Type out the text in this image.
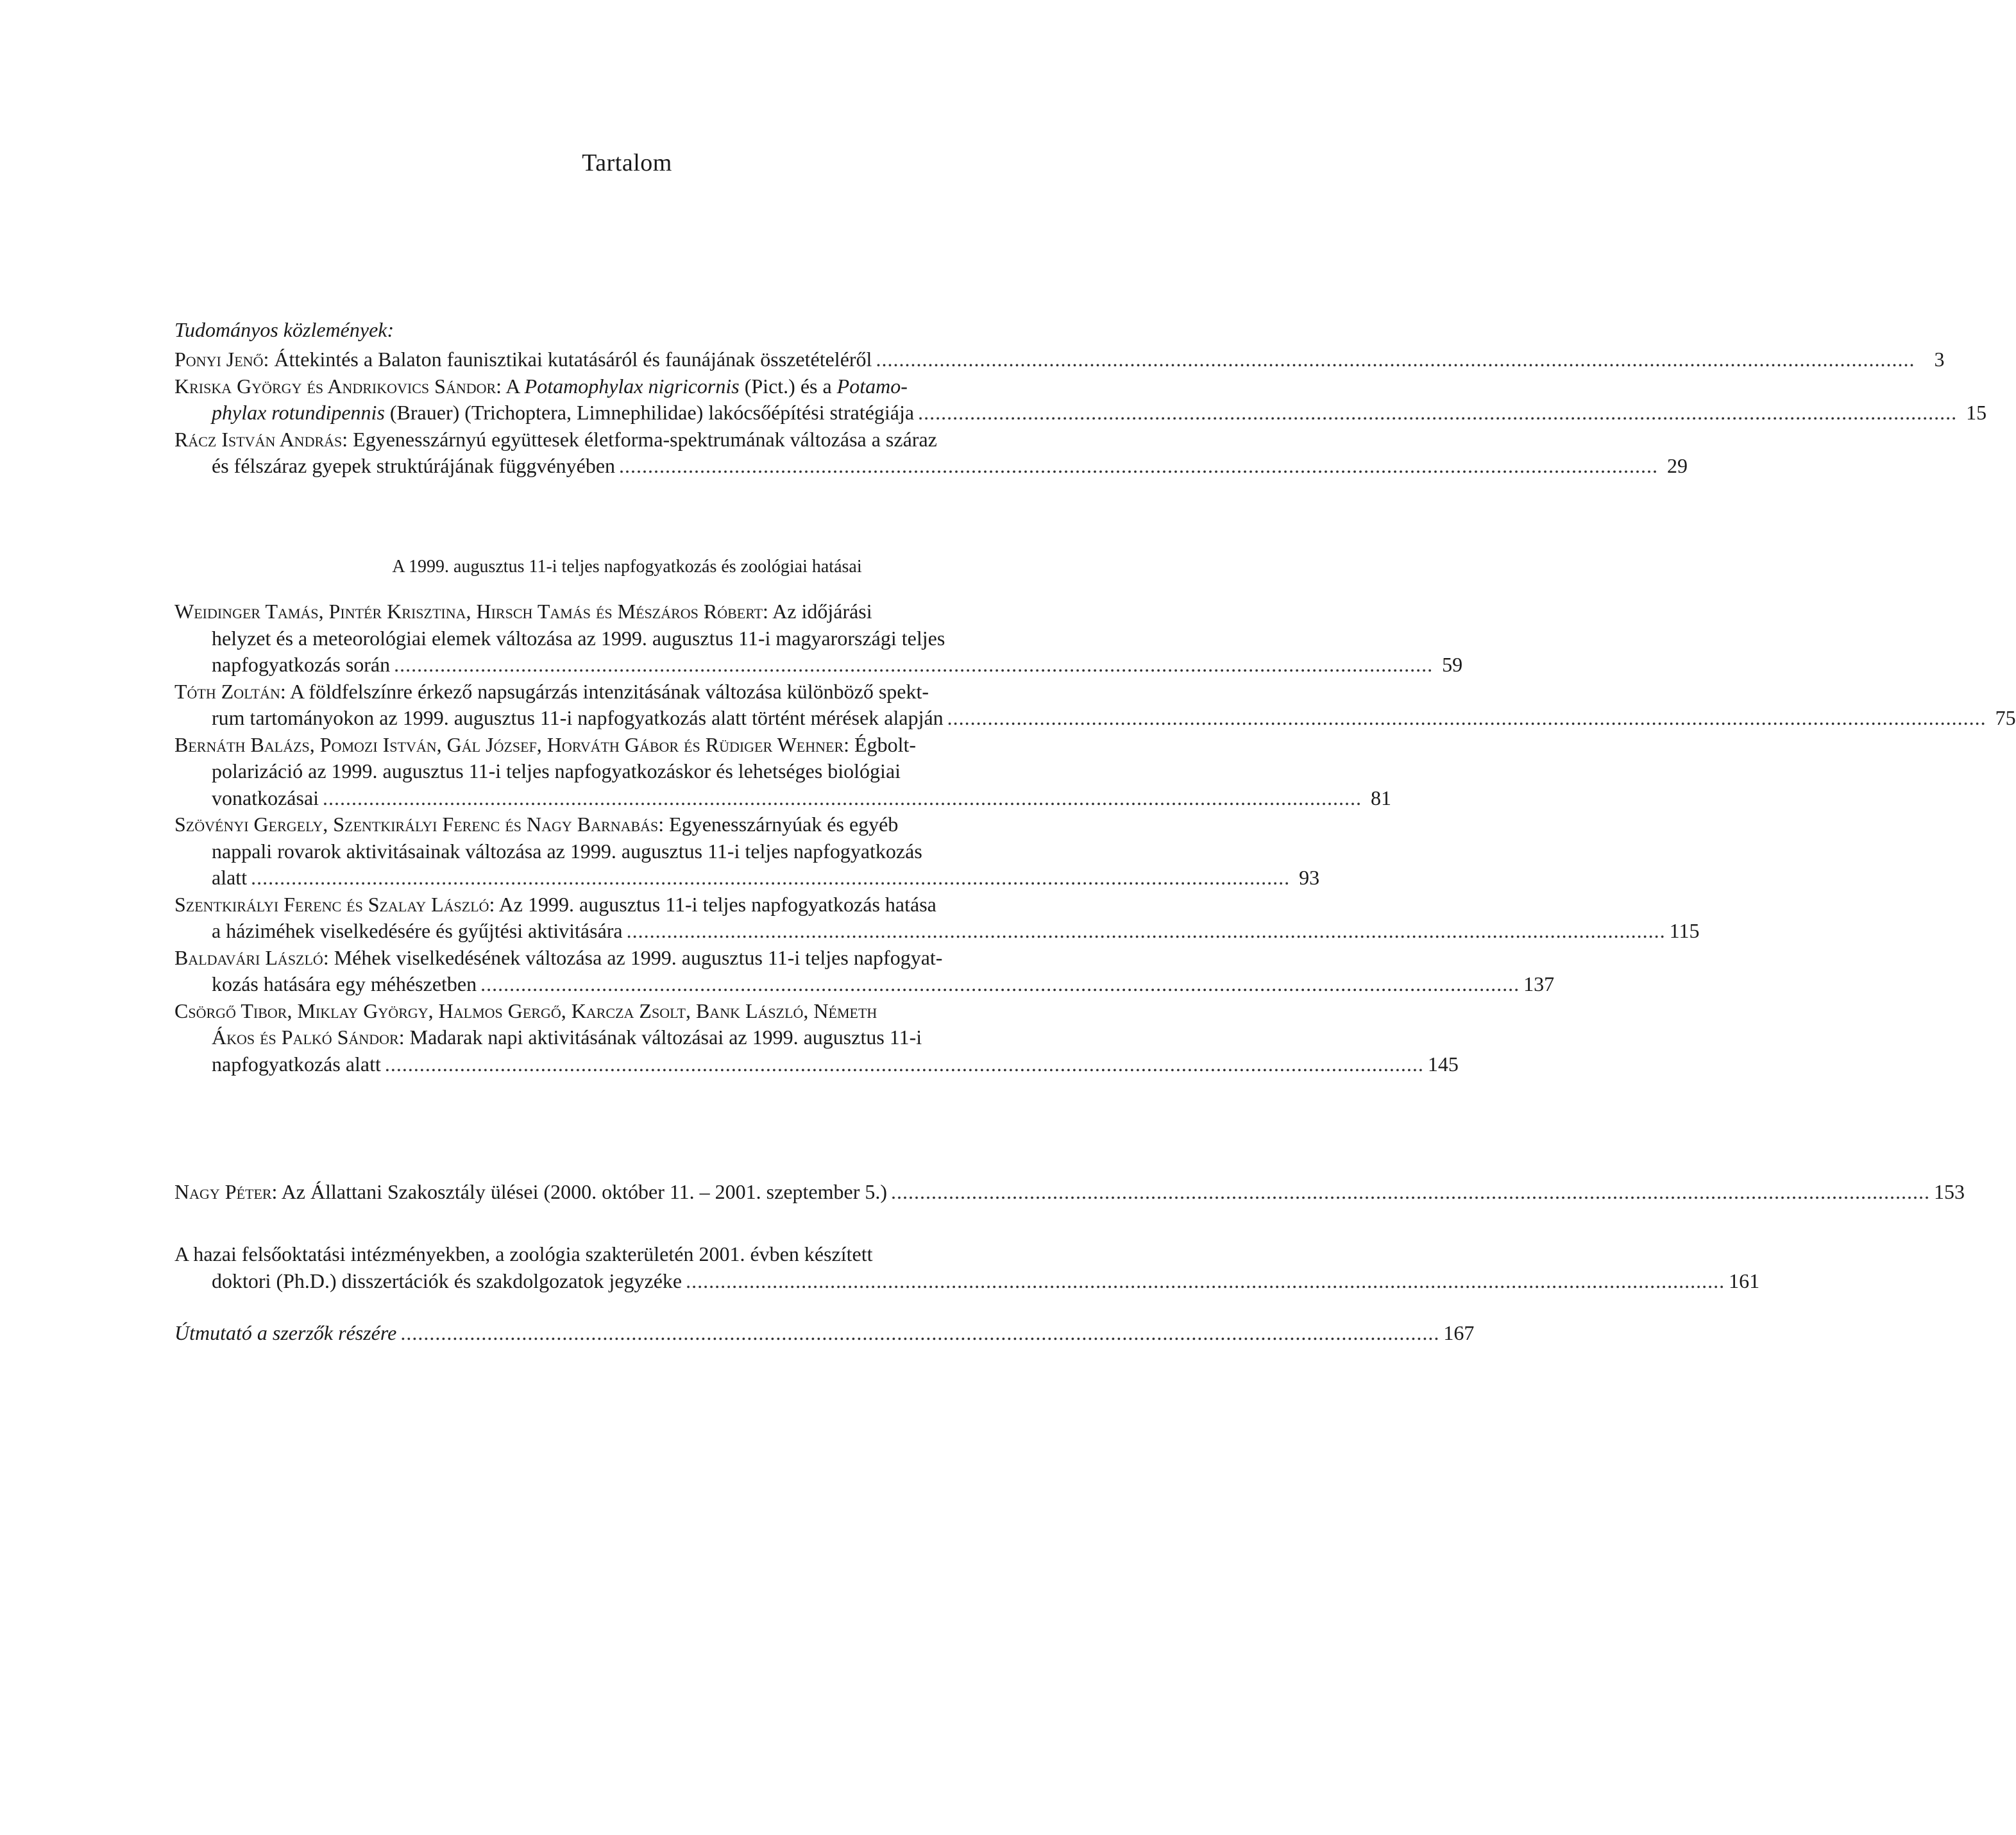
Tartalom
Tudományos közlemények:
Ponyi Jenő: Áttekintés a Balaton faunisztikai kutatásáról és faunájának összetételéről .................................................................................................................................................................................... 3
Kriska György és Andrikovics Sándor: A Potamophylax nigricornis (Pict.) és a Potamo-
phylax rotundipennis (Brauer) (Trichoptera, Limnephilidae) lakócsőépítési stratégiája .................................................................................................................................................................................... 15
Rácz István András: Egyenesszárnyú együttesek életforma-spektrumának változása a száraz
és félszáraz gyepek struktúrájának függvényében .................................................................................................................................................................................... 29
A 1999. augusztus 11-i teljes napfogyatkozás és zoológiai hatásai
Weidinger Tamás, Pintér Krisztina, Hirsch Tamás és Mészáros Róbert: Az időjárási
helyzet és a meteorológiai elemek változása az 1999. augusztus 11-i magyarországi teljes
napfogyatkozás során .................................................................................................................................................................................... 59
Tóth Zoltán: A földfelszínre érkező napsugárzás intenzitásának változása különböző spekt-
rum tartományokon az 1999. augusztus 11-i napfogyatkozás alatt történt mérések alapján .................................................................................................................................................................................... 75
Bernáth Balázs, Pomozi István, Gál József, Horváth Gábor és Rüdiger Wehner: Égbolt-
polarizáció az 1999. augusztus 11-i teljes napfogyatkozáskor és lehetséges biológiai
vonatkozásai .................................................................................................................................................................................... 81
Szövényi Gergely, Szentkirályi Ferenc és Nagy Barnabás: Egyenesszárnyúak és egyéb
nappali rovarok aktivitásainak változása az 1999. augusztus 11-i teljes napfogyatkozás
alatt .................................................................................................................................................................................... 93
Szentkirályi Ferenc és Szalay László: Az 1999. augusztus 11-i teljes napfogyatkozás hatása
a háziméhek viselkedésére és gyűjtési aktivitására .................................................................................................................................................................................... 115
Baldavári László: Méhek viselkedésének változása az 1999. augusztus 11-i teljes napfogyat-
kozás hatására egy méhészetben .................................................................................................................................................................................... 137
Csörgő Tibor, Miklay György, Halmos Gergő, Karcza Zsolt, Bank László, Németh
Ákos és Palkó Sándor: Madarak napi aktivitásának változásai az 1999. augusztus 11-i
napfogyatkozás alatt .................................................................................................................................................................................... 145
Nagy Péter: Az Állattani Szakosztály ülései (2000. október 11. – 2001. szeptember 5.) .................................................................................................................................................................................... 153
A hazai felsőoktatási intézményekben, a zoológia szakterületén 2001. évben készített
doktori (Ph.D.) disszertációk és szakdolgozatok jegyzéke .................................................................................................................................................................................... 161
Útmutató a szerzők részére .................................................................................................................................................................................... 167
